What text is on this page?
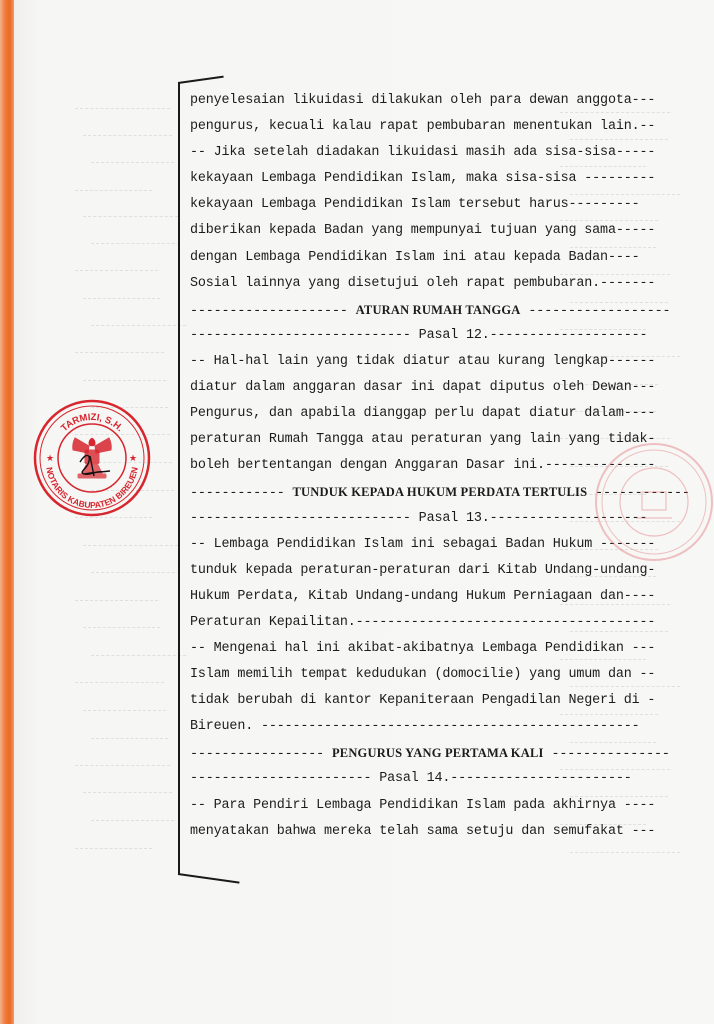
penyelesaian likuidasi dilakukan oleh para dewan anggota---
pengurus, kecuali kalau rapat pembubaran menentukan lain.--
-- Jika setelah diadakan likuidasi masih ada sisa-sisa-----
kekayaan Lembaga Pendidikan Islam, maka sisa-sisa ---------
kekayaan Lembaga Pendidikan Islam tersebut harus---------
diberikan kepada Badan yang mempunyai tujuan yang sama-----
dengan Lembaga Pendidikan Islam ini atau kepada Badan----
Sosial lainnya yang disetujui oleh rapat pembubaran.-------
-------------------- ATURAN RUMAH TANGGA ------------------
---------------------------- Pasal 12.--------------------
-- Hal-hal lain yang tidak diatur atau kurang lengkap------
diatur dalam anggaran dasar ini dapat diputus oleh Dewan---
Pengurus, dan apabila dianggap perlu dapat diatur dalam----
peraturan Rumah Tangga atau peraturan yang lain yang tidak-
boleh bertentangan dengan Anggaran Dasar ini.--------------
------------ TUNDUK KEPADA HUKUM PERDATA TERTULIS ------------
---------------------------- Pasal 13.--------------------
-- Lembaga Pendidikan Islam ini sebagai Badan Hukum -------
tunduk kepada peraturan-peraturan dari Kitab Undang-undang-
Hukum Perdata, Kitab Undang-undang Hukum Perniagaan dan----
Peraturan Kepailitan.--------------------------------------
-- Mengenai hal ini akibat-akibatnya Lembaga Pendidikan ---
Islam memilih tempat kedudukan (domocilie) yang umum dan --
tidak berubah di kantor Kepaniteraan Pengadilan Negeri di -
Bireuen. ------------------------------------------------
----------------- PENGURUS YANG PERTAMA KALI ---------------
----------------------- Pasal 14.-----------------------
-- Para Pendiri Lembaga Pendidikan Islam pada akhirnya ----
menyatakan bahwa mereka telah sama setuju dan semufakat ---
TARMIZI, S.H.
NOTARIS KABUPATEN BIREUEN
★	★
